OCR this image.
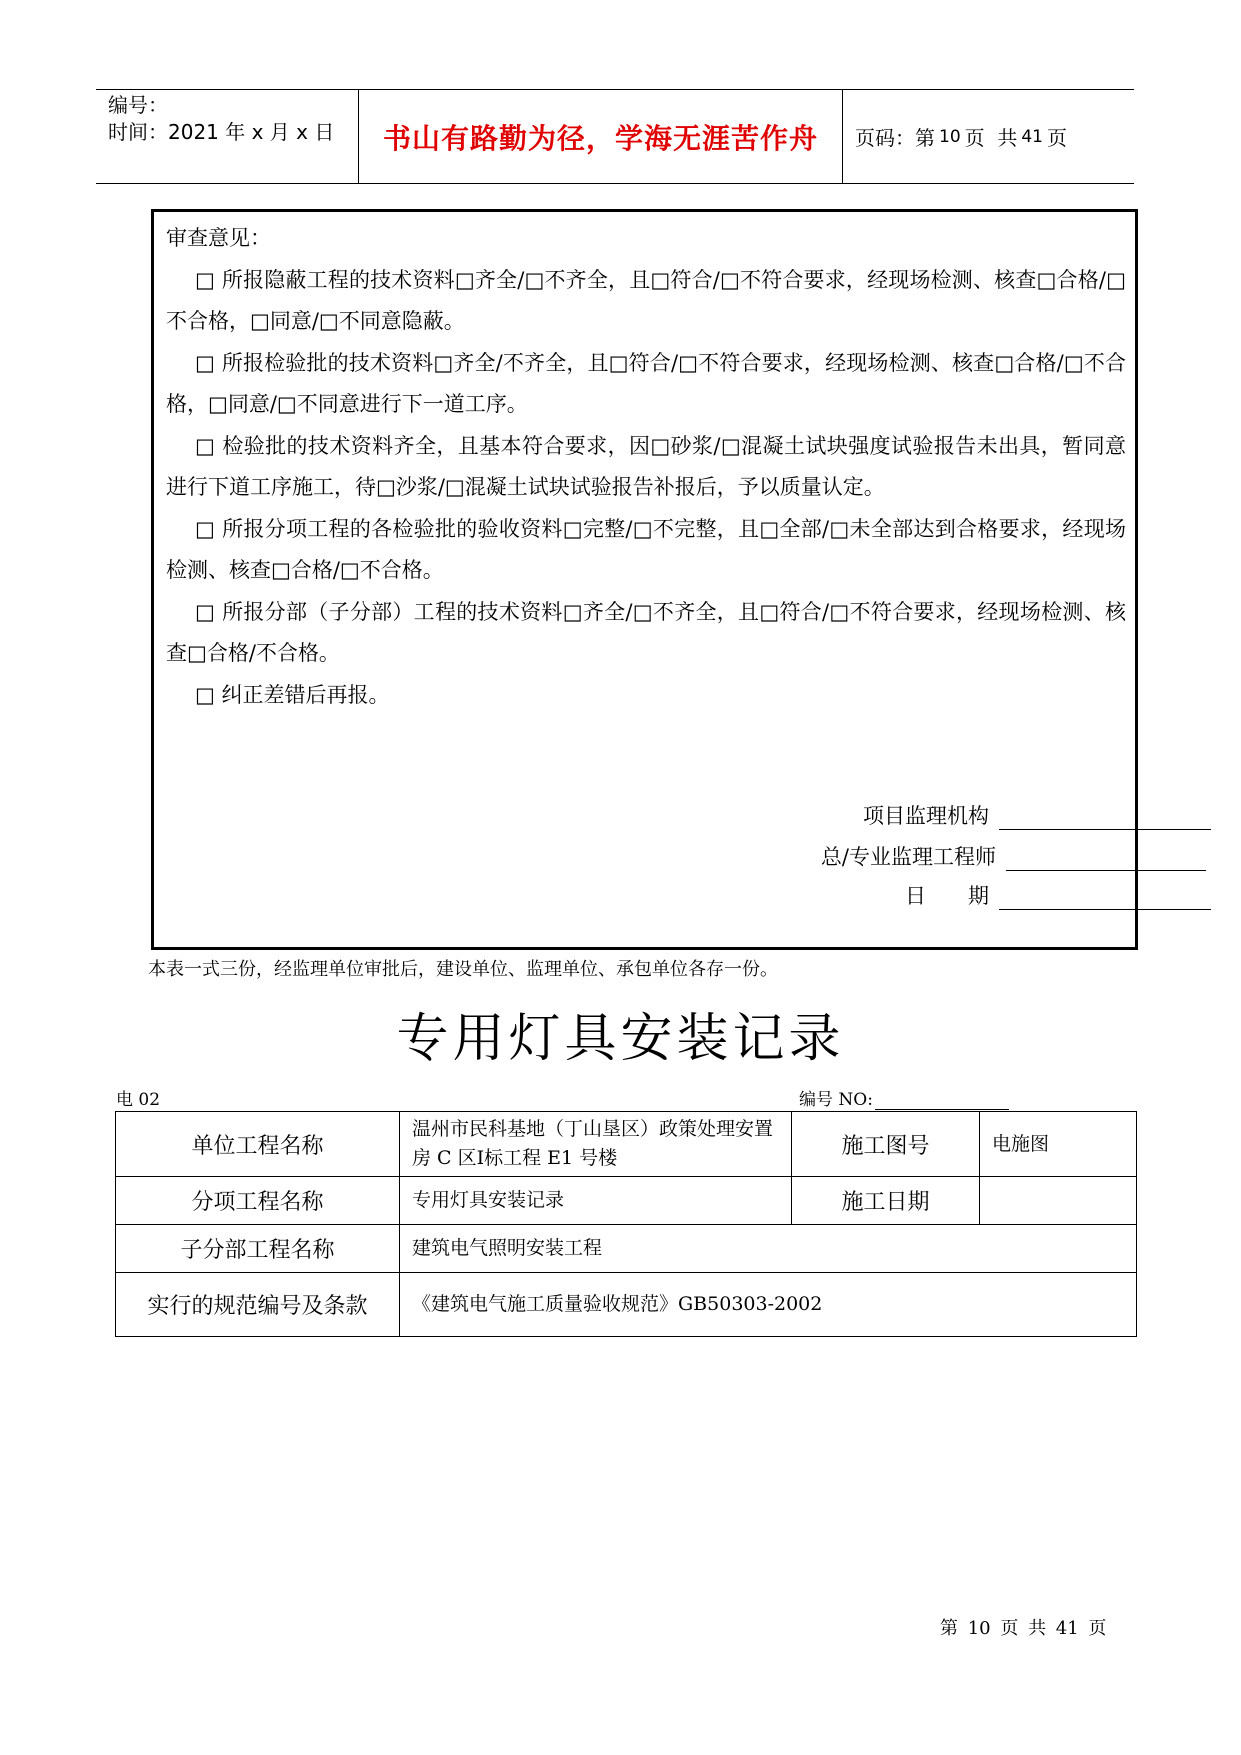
编号：
时间：2021 年 x 月 x 日	书山有路勤为径，学海无涯苦作舟	页码：第 10 页  共 41 页

审查意见：

□ 所报隐蔽工程的技术资料□齐全/□不齐全，且□符合/□不符合要求，经现场检测、核查□合格/□不合格，□同意/□不同意隐蔽。

□ 所报检验批的技术资料□齐全/不齐全，且□符合/□不符合要求，经现场检测、核查□合格/□不合格，□同意/□不同意进行下一道工序。

□ 检验批的技术资料齐全，且基本符合要求，因□砂浆/□混凝土试块强度试验报告未出具，暂同意进行下道工序施工，待□沙浆/□混凝土试块试验报告补报后，予以质量认定。

□ 所报分项工程的各检验批的验收资料□完整/□不完整，且□全部/□未全部达到合格要求，经现场检测、核查□合格/□不合格。

□ 所报分部（子分部）工程的技术资料□齐全/□不齐全，且□符合/□不符合要求，经现场检测、核查□合格/不合格。

□ 纠正差错后再报。

项目监理机构
总/专业监理工程师
日　　期
本表一式三份，经监理单位审批后，建设单位、监理单位、承包单位各存一份。
专用灯具安装记录
电 02	编号 NO:
单位工程名称	温州市民科基地（丁山垦区）政策处理安置房 C 区Ⅰ标工程 E1 号楼	施工图号	电施图
分项工程名称	专用灯具安装记录	施工日期	
子分部工程名称	建筑电气照明安装工程		
实行的规范编号及条款	《建筑电气施工质量验收规范》GB50303-2002		
第 10 页 共 41 页
